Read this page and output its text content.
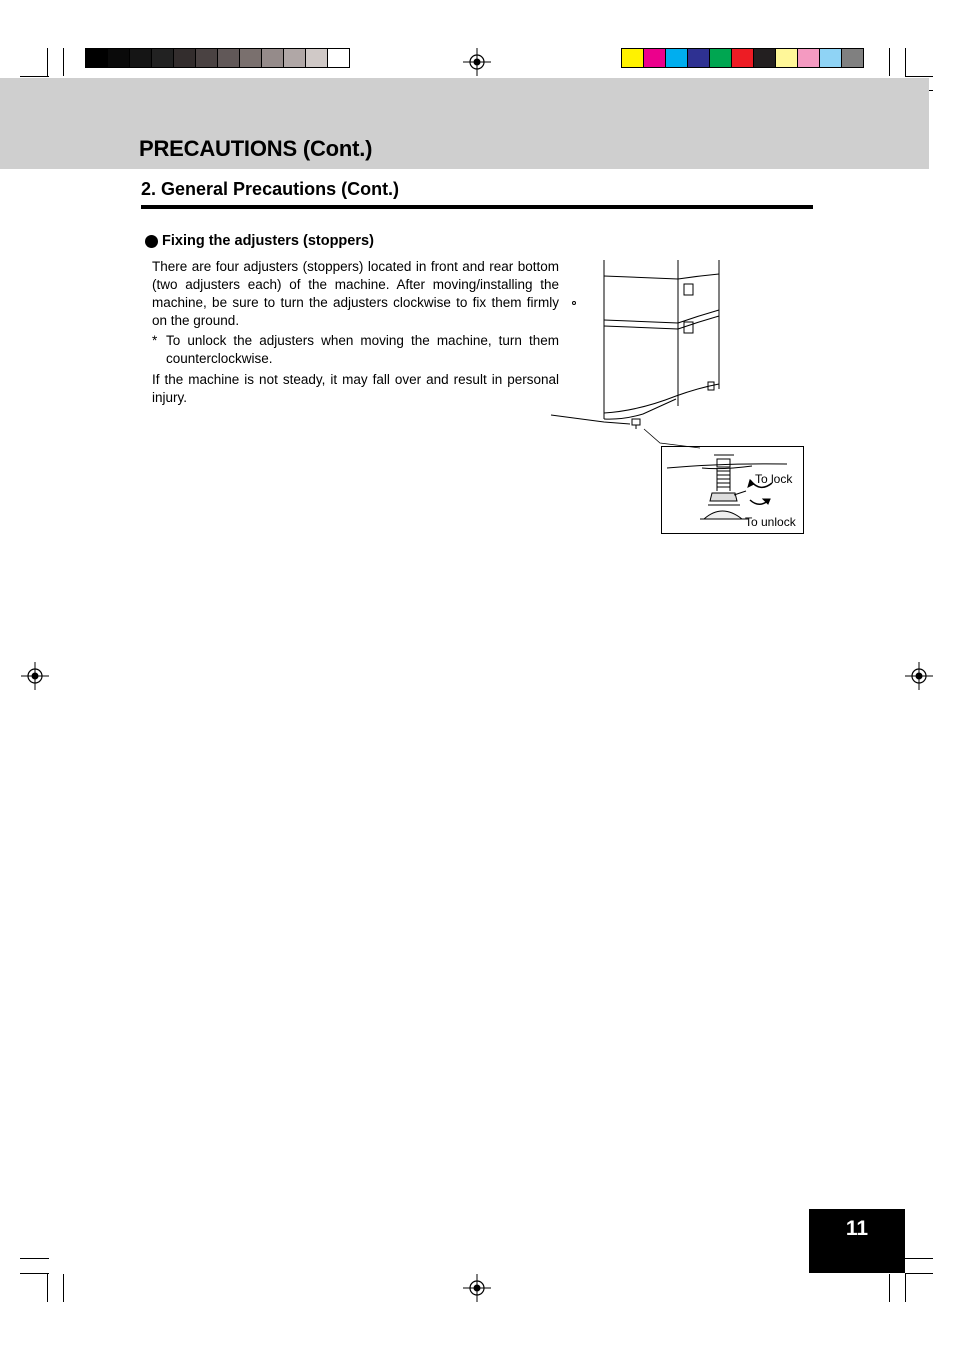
PRECAUTIONS (Cont.)
2. General Precautions (Cont.)
Fixing the adjusters (stoppers)
There are four adjusters (stoppers) located in front and rear bottom (two adjusters each) of the machine. After moving/installing the machine, be sure to turn the adjusters clockwise to fix them firmly on the ground.
* To unlock the adjusters when moving the machine, turn them counterclockwise.
If the machine is not steady, it may fall over and result in personal injury.
To lock
To unlock
11
